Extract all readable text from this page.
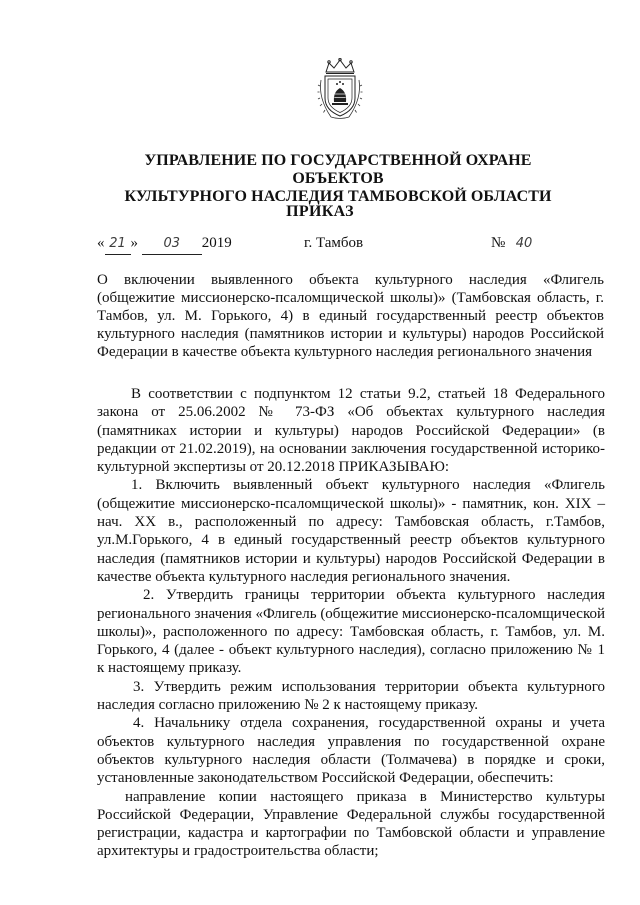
УПРАВЛЕНИЕ ПО ГОСУДАРСТВЕННОЙ ОХРАНЕ ОБЪЕКТОВ
КУЛЬТУРНОГО НАСЛЕДИЯ ТАМБОВСКОЙ ОБЛАСТИ
ПРИКАЗ
« 21 » 03 2019	г. Тамбов	№ 40
О включении выявленного объекта культурного наследия «Флигель (общежитие миссионерско-псаломщической школы)» (Тамбовская область, г. Тамбов, ул. М. Горького, 4) в единый государственный реестр объектов культурного наследия (памятников истории и культуры) народов Российской Федерации в качестве объекта культурного наследия регионального значения

В соответствии с подпунктом 12 статьи 9.2, статьей 18 Федерального закона от 25.06.2002 № 73-ФЗ «Об объектах культурного наследия (памятниках истории и культуры) народов Российской Федерации» (в редакции от 21.02.2019), на основании заключения государственной историко-культурной экспертизы от 20.12.2018 ПРИКАЗЫВАЮ:

1. Включить выявленный объект культурного наследия «Флигель (общежитие миссионерско-псаломщической школы)» - памятник, кон. XIX – нач. XX в., расположенный по адресу: Тамбовская область, г.Тамбов, ул.М.Горького, 4 в единый государственный реестр объектов культурного наследия (памятников истории и культуры) народов Российской Федерации в качестве объекта культурного наследия регионального значения.

2. Утвердить границы территории объекта культурного наследия регионального значения «Флигель (общежитие миссионерско-псаломщической школы)», расположенного по адресу: Тамбовская область, г. Тамбов, ул. М. Горького, 4 (далее - объект культурного наследия), согласно приложению № 1 к настоящему приказу.

3. Утвердить режим использования территории объекта культурного наследия согласно приложению № 2 к настоящему приказу.

4. Начальнику отдела сохранения, государственной охраны и учета объектов культурного наследия управления по государственной охране объектов культурного наследия области (Толмачева) в порядке и сроки, установленные законодательством Российской Федерации, обеспечить:

направление копии настоящего приказа в Министерство культуры Российской Федерации, Управление Федеральной службы государственной регистрации, кадастра и картографии по Тамбовской области и управление архитектуры и градостроительства области;
